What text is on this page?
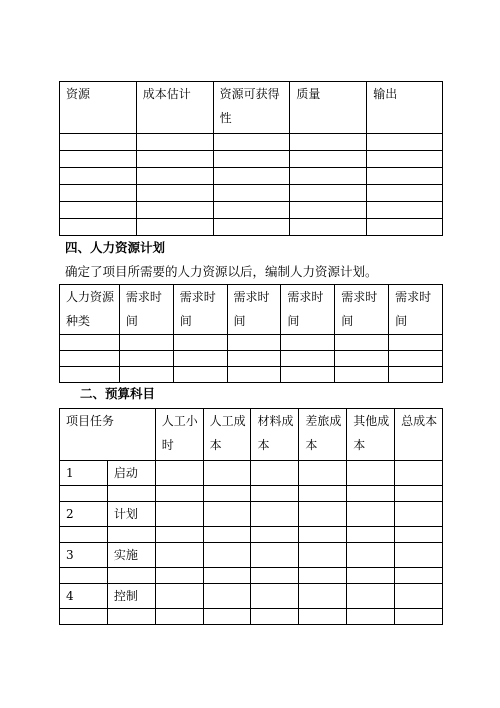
资源	成本估计	资源可获得性	质量	输出

四、人力资源计划
确定了项目所需要的人力资源以后，编制人力资源计划。
人力资源种类	需求时间	需求时间	需求时间	需求时间	需求时间	需求时间

二、预算科目
项目任务		人工小时	人工成本	材料成本	差旅成本	其他成本	总成本
1	启动						

2	计划						

3	实施						

4	控制						
